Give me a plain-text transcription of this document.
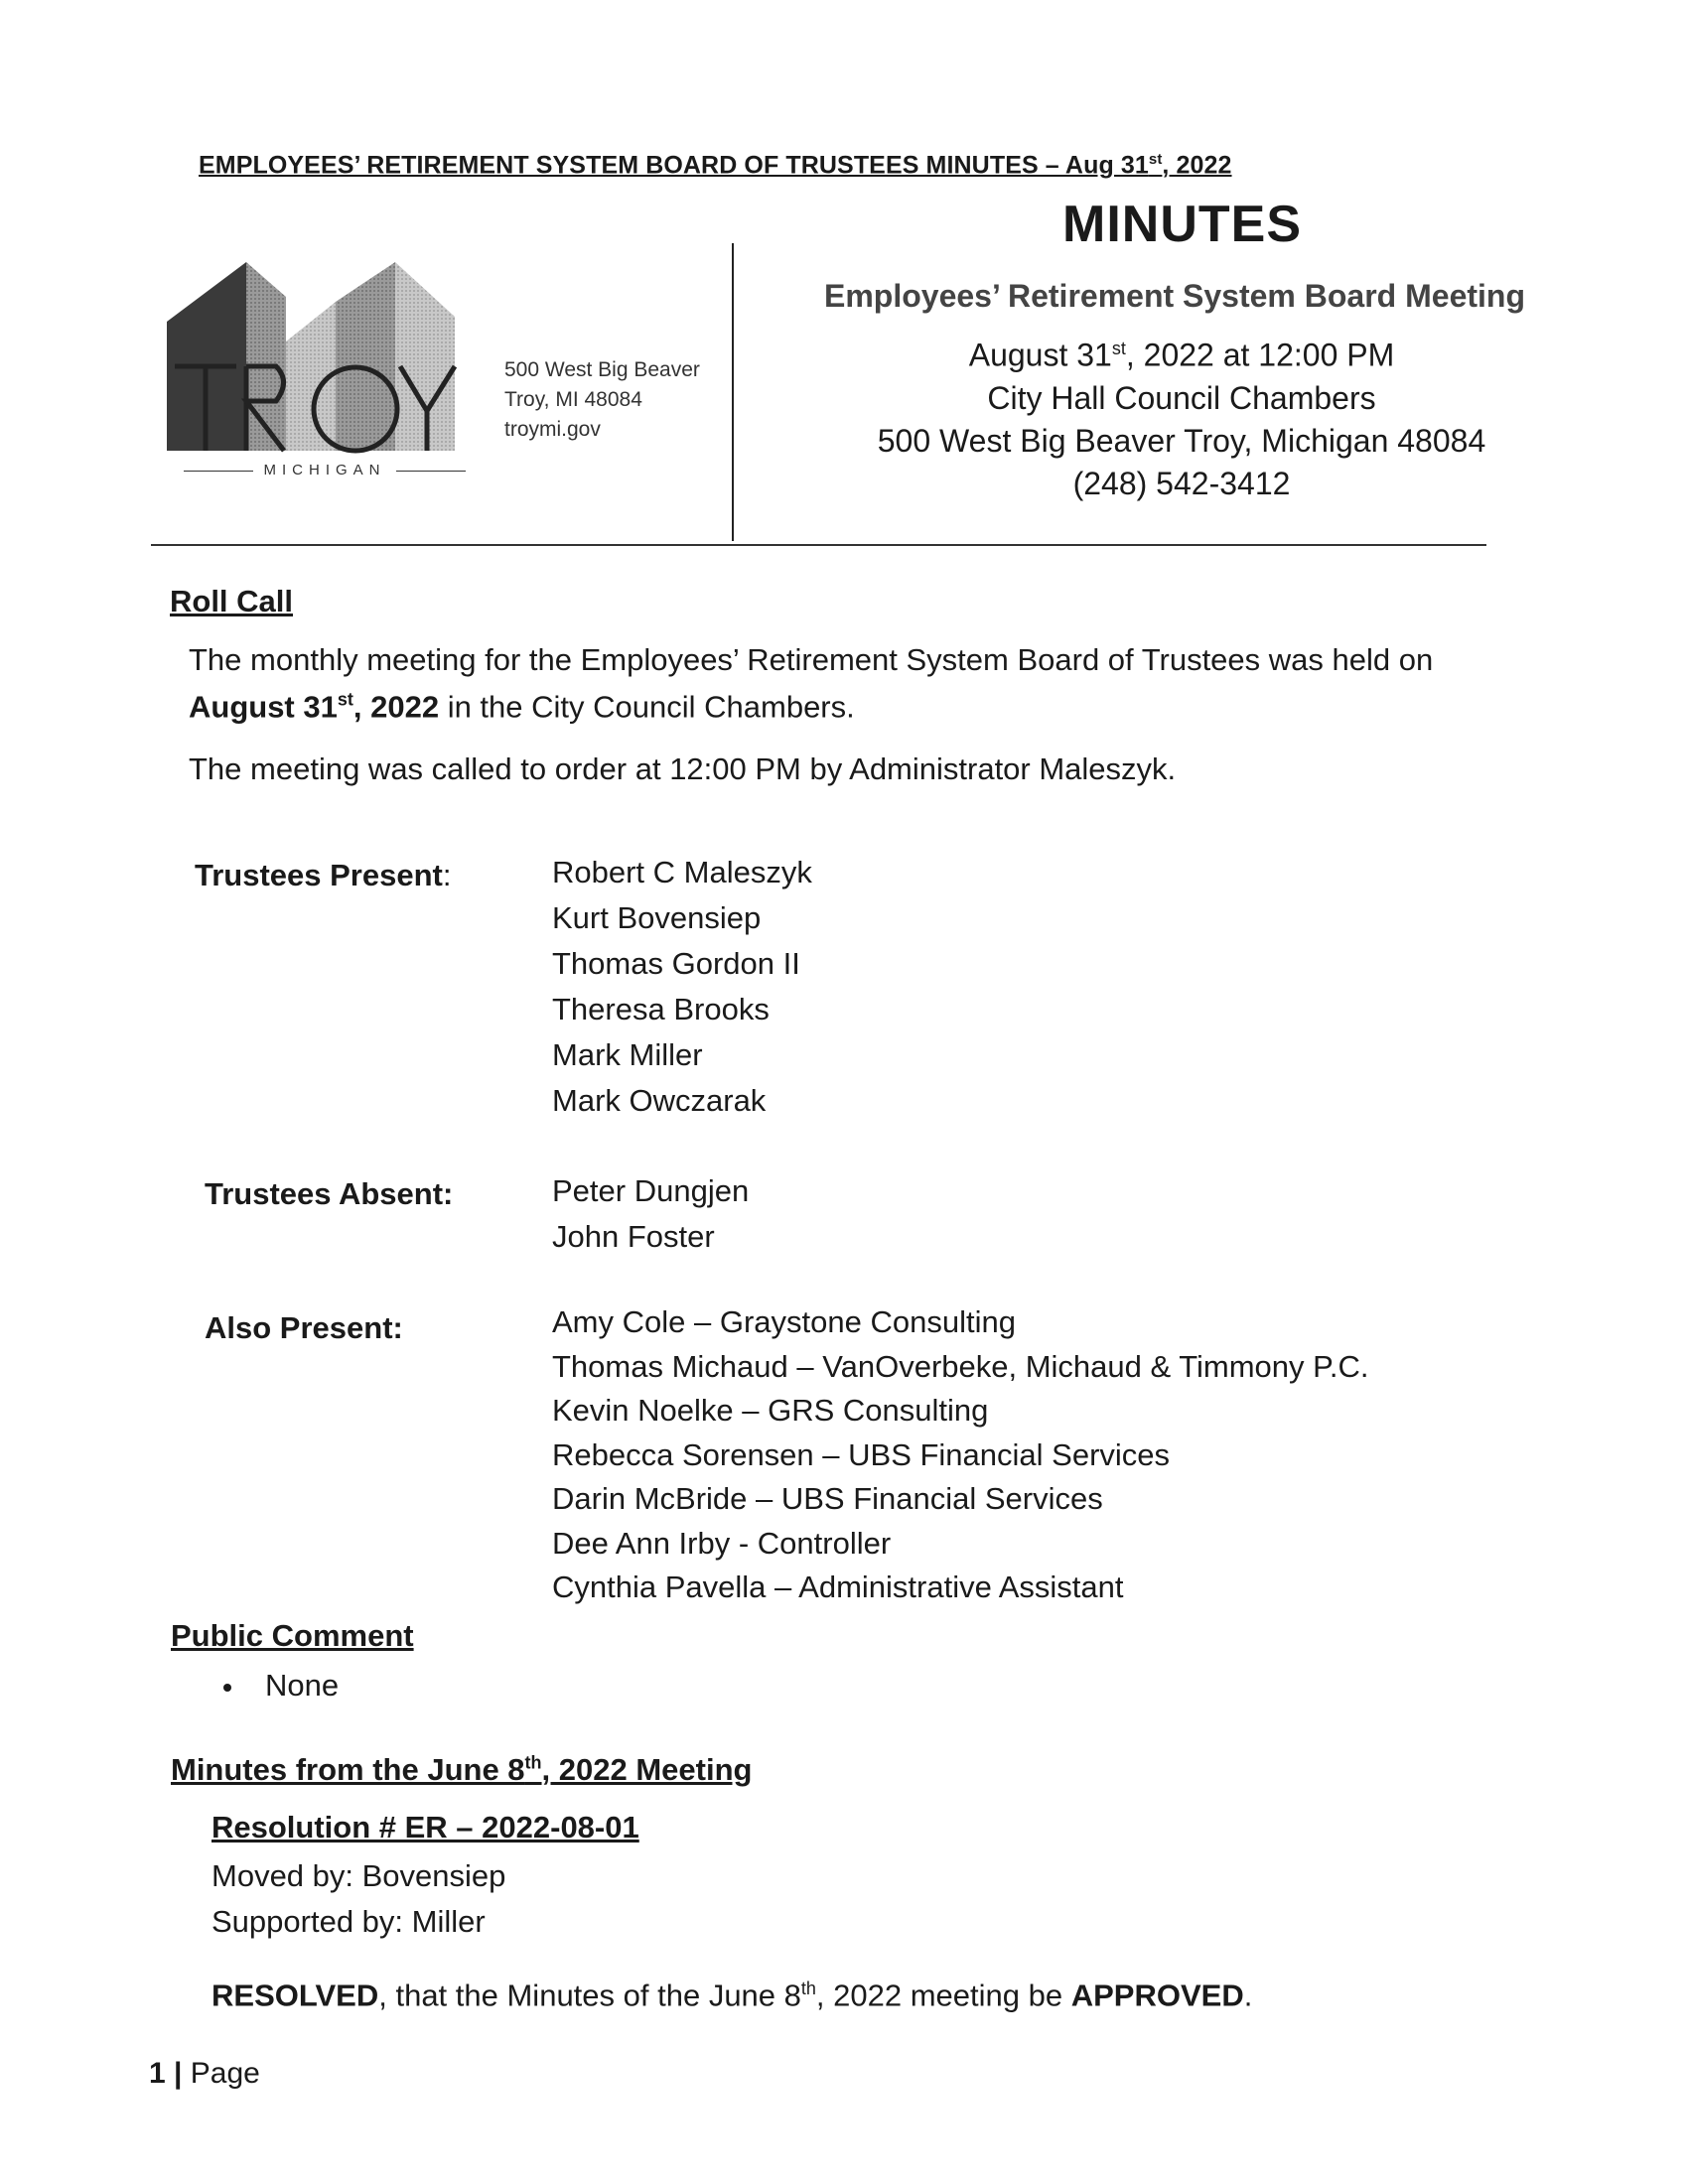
EMPLOYEES’ RETIREMENT SYSTEM BOARD OF TRUSTEES MINUTES – Aug 31st, 2022
MICHIGAN
500 West Big Beaver
Troy, MI 48084
troymi.gov
MINUTES
Employees’ Retirement System Board Meeting
August 31st, 2022 at 12:00 PM
City Hall Council Chambers
500 West Big Beaver Troy, Michigan 48084
(248) 542-3412
Roll Call
The monthly meeting for the Employees’ Retirement System Board of Trustees was held on August 31st, 2022 in the City Council Chambers.
The meeting was called to order at 12:00 PM by Administrator Maleszyk.
Trustees Present:	Robert C Maleszyk
Kurt Bovensiep
Thomas Gordon II
Theresa Brooks
Mark Miller
Mark Owczarak
Trustees Absent:	Peter Dungjen
John Foster
Also Present:	Amy Cole – Graystone Consulting
Thomas Michaud – VanOverbeke, Michaud & Timmony P.C.
Kevin Noelke – GRS Consulting
Rebecca Sorensen – UBS Financial Services
Darin McBride – UBS Financial Services
Dee Ann Irby - Controller
Cynthia Pavella – Administrative Assistant
Public Comment
None
Minutes from the June 8th, 2022 Meeting
Resolution # ER – 2022-08-01
Moved by: Bovensiep
Supported by: Miller
RESOLVED, that the Minutes of the June 8th, 2022 meeting be APPROVED.
1 | Page
